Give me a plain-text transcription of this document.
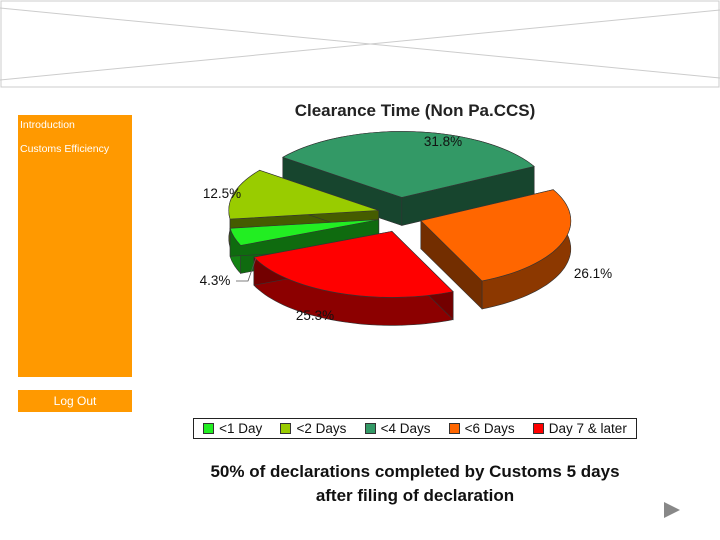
Introduction
Customs Efficiency
Log Out
Clearance Time (Non Pa.CCS)
4.3%
12.5%
31.8%
26.1%
25.3%
<1 Day	<2 Days	<4 Days	<6 Days	Day 7 & later
50% of declarations completed by Customs 5 days
after filing of declaration
